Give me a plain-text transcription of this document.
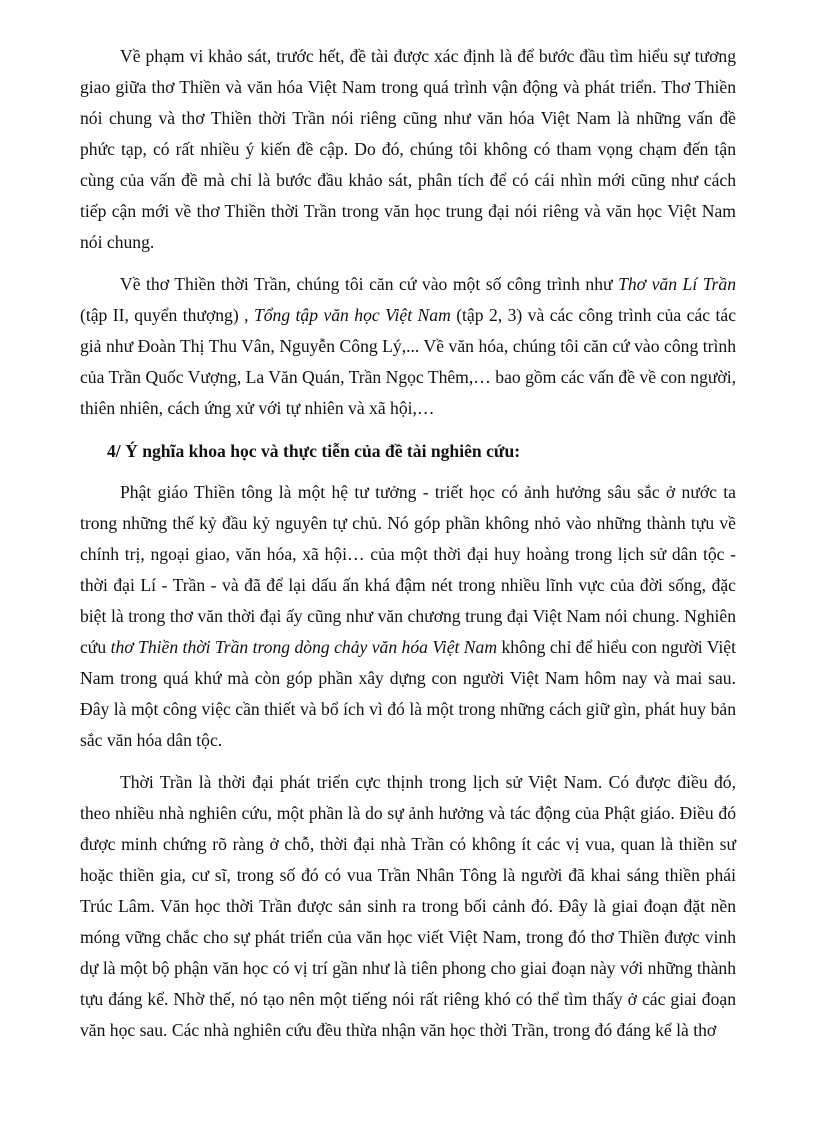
Về phạm vi khảo sát, trước hết, đề tài được xác định là để bước đầu tìm hiểu sự tương giao giữa thơ Thiền và văn hóa Việt Nam trong quá trình vận động và phát triển. Thơ Thiền nói chung và thơ Thiền thời Trần nói riêng cũng như văn hóa Việt Nam là những vấn đề phức tạp, có rất nhiều ý kiến đề cập. Do đó, chúng tôi không có tham vọng chạm đến tận cùng của vấn đề mà chỉ là bước đầu khảo sát, phân tích để có cái nhìn mới cũng như cách tiếp cận mới về thơ Thiền thời Trần trong văn học trung đại nói riêng và văn học Việt Nam nói chung.

Về thơ Thiền thời Trần, chúng tôi căn cứ vào một số công trình như Thơ văn Lí Trần (tập II, quyển thượng) , Tổng tập văn học Việt Nam (tập 2, 3) và các công trình của các tác giả như Đoàn Thị Thu Vân, Nguyễn Công Lý,... Về văn hóa, chúng tôi căn cứ vào công trình của Trần Quốc Vượng, La Văn Quán, Trần Ngọc Thêm,… bao gồm các vấn đề về con người, thiên nhiên, cách ứng xử với tự nhiên và xã hội,…

4/ Ý nghĩa khoa học và thực tiễn của đề tài nghiên cứu:

Phật giáo Thiền tông là một hệ tư tưởng - triết học có ảnh hưởng sâu sắc ở nước ta trong những thế kỷ đầu kỷ nguyên tự chủ. Nó góp phần không nhỏ vào những thành tựu về chính trị, ngoại giao, văn hóa, xã hội… của một thời đại huy hoàng trong lịch sử dân tộc - thời đại Lí - Trần - và đã để lại dấu ấn khá đậm nét trong nhiều lĩnh vực của đời sống, đặc biệt là trong thơ văn thời đại ấy cũng như văn chương trung đại Việt Nam nói chung. Nghiên cứu thơ Thiền thời Trần trong dòng chảy văn hóa Việt Nam không chỉ để hiểu con người Việt Nam trong quá khứ mà còn góp phần xây dựng con người Việt Nam hôm nay và mai sau. Đây là một công việc cần thiết và bổ ích vì đó là một trong những cách giữ gìn, phát huy bản sắc văn hóa dân tộc.

Thời Trần là thời đại phát triển cực thịnh trong lịch sử Việt Nam. Có được điều đó, theo nhiều nhà nghiên cứu, một phần là do sự ảnh hưởng và tác động của Phật giáo. Điều đó được minh chứng rõ ràng ở chỗ, thời đại nhà Trần có không ít các vị vua, quan là thiền sư hoặc thiền gia, cư sĩ, trong số đó có vua Trần Nhân Tông là người đã khai sáng thiền phái Trúc Lâm. Văn học thời Trần được sản sinh ra trong bối cảnh đó. Đây là giai đoạn đặt nền móng vững chắc cho sự phát triển của văn học viết Việt Nam, trong đó thơ Thiền được vinh dự là một bộ phận văn học có vị trí gần như là tiên phong cho giai đoạn này với những thành tựu đáng kể. Nhờ thế, nó tạo nên một tiếng nói rất riêng khó có thể tìm thấy ở các giai đoạn văn học sau. Các nhà nghiên cứu đều thừa nhận văn học thời Trần, trong đó đáng kể là thơ
